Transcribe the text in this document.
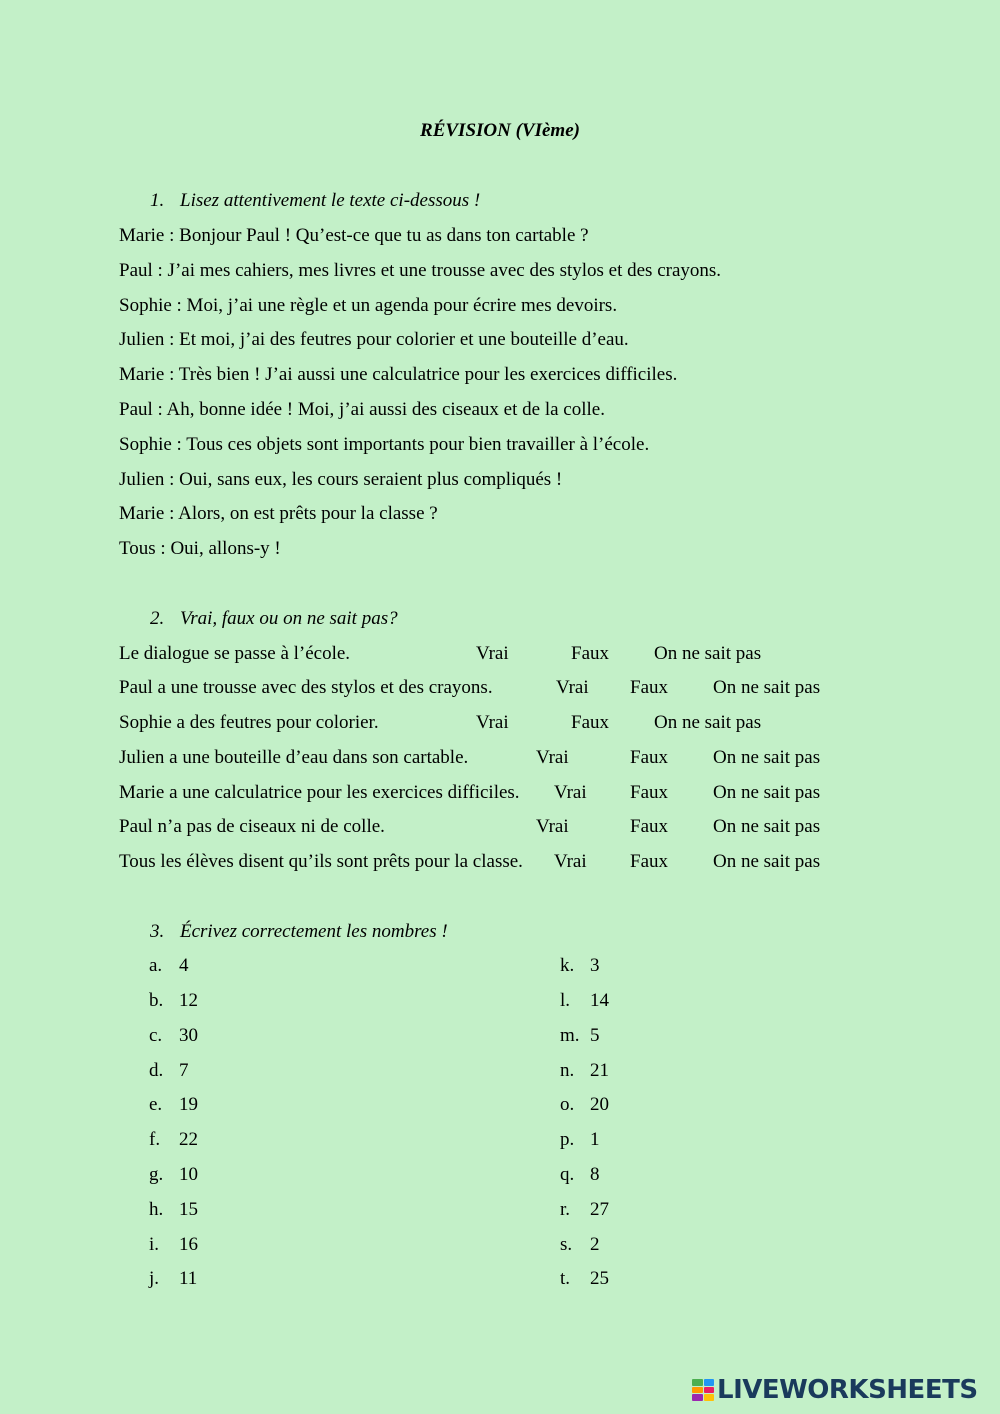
RÉVISION (VIème)
1. Lisez attentivement le texte ci-dessous !
Marie : Bonjour Paul ! Qu’est-ce que tu as dans ton cartable ?
Paul : J’ai mes cahiers, mes livres et une trousse avec des stylos et des crayons.
Sophie : Moi, j’ai une règle et un agenda pour écrire mes devoirs.
Julien : Et moi, j’ai des feutres pour colorier et une bouteille d’eau.
Marie : Très bien ! J’ai aussi une calculatrice pour les exercices difficiles.
Paul : Ah, bonne idée ! Moi, j’ai aussi des ciseaux et de la colle.
Sophie : Tous ces objets sont importants pour bien travailler à l’école.
Julien : Oui, sans eux, les cours seraient plus compliqués !
Marie : Alors, on est prêts pour la classe ?
Tous : Oui, allons-y !
2. Vrai, faux ou on ne sait pas?
Le dialogue se passe à l’école.	Vrai	Faux On ne sait pas
Paul a une trousse avec des stylos et des crayons.	Vrai Faux On ne sait pas
Sophie a des feutres pour colorier.	Vrai	Faux On ne sait pas
Julien a une bouteille d’eau dans son cartable.	Vrai	Faux On ne sait pas
Marie a une calculatrice pour les exercices difficiles. Vrai Faux On ne sait pas
Paul n’a pas de ciseaux ni de colle.	Vrai	Faux On ne sait pas
Tous les élèves disent qu’ils sont prêts pour la classe. Vrai Faux On ne sait pas
3. Écrivez correctement les nombres !
a. 4
b. 12
c. 30
d. 7
e. 19
f. 22
g. 10
h. 15
i. 16
j. 11
k. 3
l. 14
m. 5
n. 21
o. 20
p. 1
q. 8
r. 27
s. 2
t. 25
LIVEWORKSHEETS
